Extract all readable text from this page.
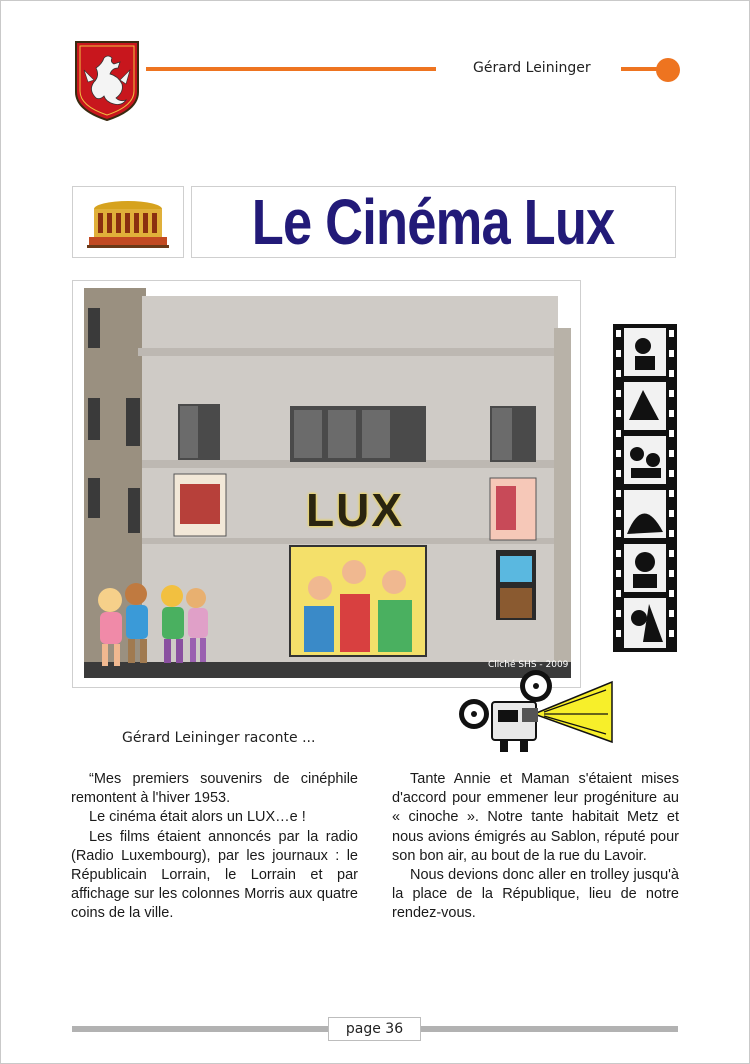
Gérard Leininger
Le Cinéma Lux
LUX
Cliché SHS - 2009
Gérard Leininger raconte ...

“Mes premiers souvenirs de cinéphile remontent à l'hiver 1953.

Le cinéma était alors un LUX…e !

Les films étaient annoncés par la radio (Radio Luxembourg), par les journaux : le Républicain Lorrain, le Lorrain et par affichage sur les colonnes Morris aux quatre coins de la ville.

Tante Annie et Maman s'étaient mises d'accord pour emmener leur progéniture au « cinoche ». Notre tante habitait Metz et nous avions émigrés au Sablon, réputé pour son bon air, au bout de la rue du Lavoir.

Nous devions donc aller en trolley jusqu'à la place de la République, lieu de notre rendez-vous.

page 36
